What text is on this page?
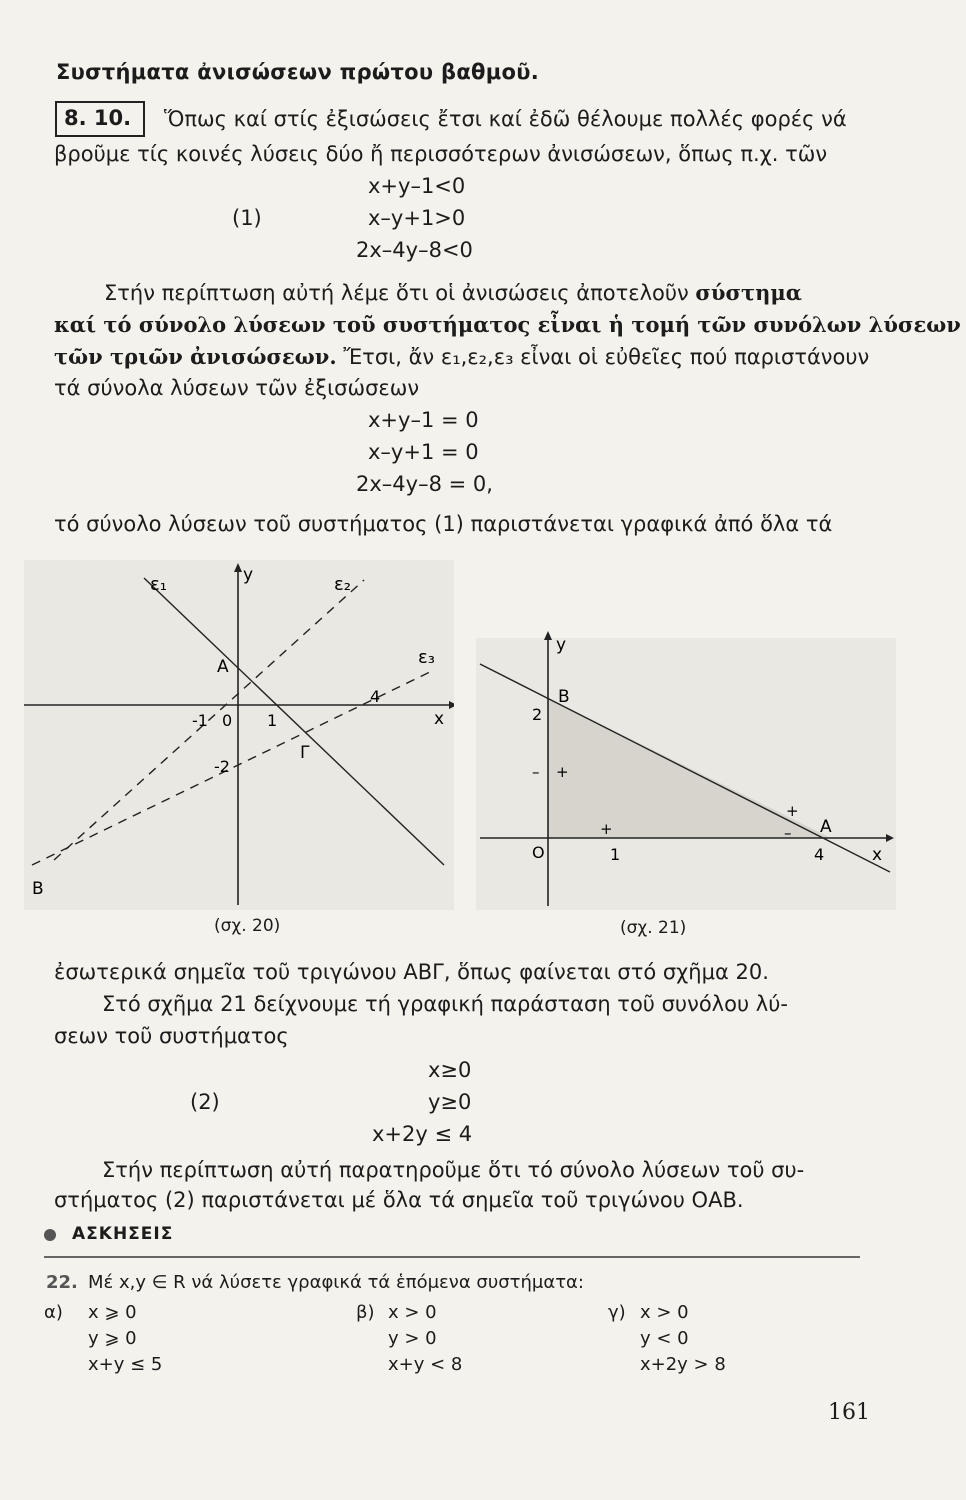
Συστήματα ἀνισώσεων πρώτου βαθμοῦ.
8. 10. Ὅπως καί στίς ἐξισώσεις ἔτσι καί ἐδῶ θέλουμε πολλές φορές νά
βροῦμε τίς κοινές λύσεις δύο ἤ περισσότερων ἀνισώσεων, ὅπως π.χ. τῶν
(1)
x+y–1<0
x–y+1>0
2x–4y–8<0
Στήν περίπτωση αὐτή λέμε ὅτι οἱ ἀνισώσεις ἀποτελοῦν σύστημα
καί τό σύνολο λύσεων τοῦ συστήματος εἶναι ἡ τομή τῶν συνόλων λύσεων
τῶν τριῶν ἀνισώσεων. Ἔτσι, ἄν ε₁,ε₂,ε₃ εἶναι οἱ εὐθεῖες πού παριστάνουν
τά σύνολα λύσεων τῶν ἐξισώσεων
x+y–1 = 0
x–y+1 = 0
2x–4y–8 = 0,
τό σύνολο λύσεων τοῦ συστήματος (1) παριστάνεται γραφικά ἀπό ὅλα τά
ε₁	ε₂
ε₃
y
x
A
B
Γ
-1 0 1
-2
4
(σχ. 20)
y
x
B
A
O
2
1	4
+
+
+
–
–
(σχ. 21)
ἐσωτερικά σημεῖα τοῦ τριγώνου ΑΒΓ, ὅπως φαίνεται στό σχῆμα 20.
Στό σχῆμα 21 δείχνουμε τή γραφική παράσταση τοῦ συνόλου λύ-
σεων τοῦ συστήματος
(2)
x≥0
y≥0
x+2y ≤ 4
Στήν περίπτωση αὐτή παρατηροῦμε ὅτι τό σύνολο λύσεων τοῦ συ-
στήματος (2) παριστάνεται μέ ὅλα τά σημεῖα τοῦ τριγώνου ΟΑΒ.
ΑΣΚΗΣΕΙΣ
22. Μέ x,y ∈ R νά λύσετε γραφικά τά ἑπόμενα συστήματα:
α) x ⩾ 0
y ⩾ 0
x+y ≤ 5
β) x > 0
y > 0
x+y < 8
γ) x > 0
y < 0
x+2y > 8
161
